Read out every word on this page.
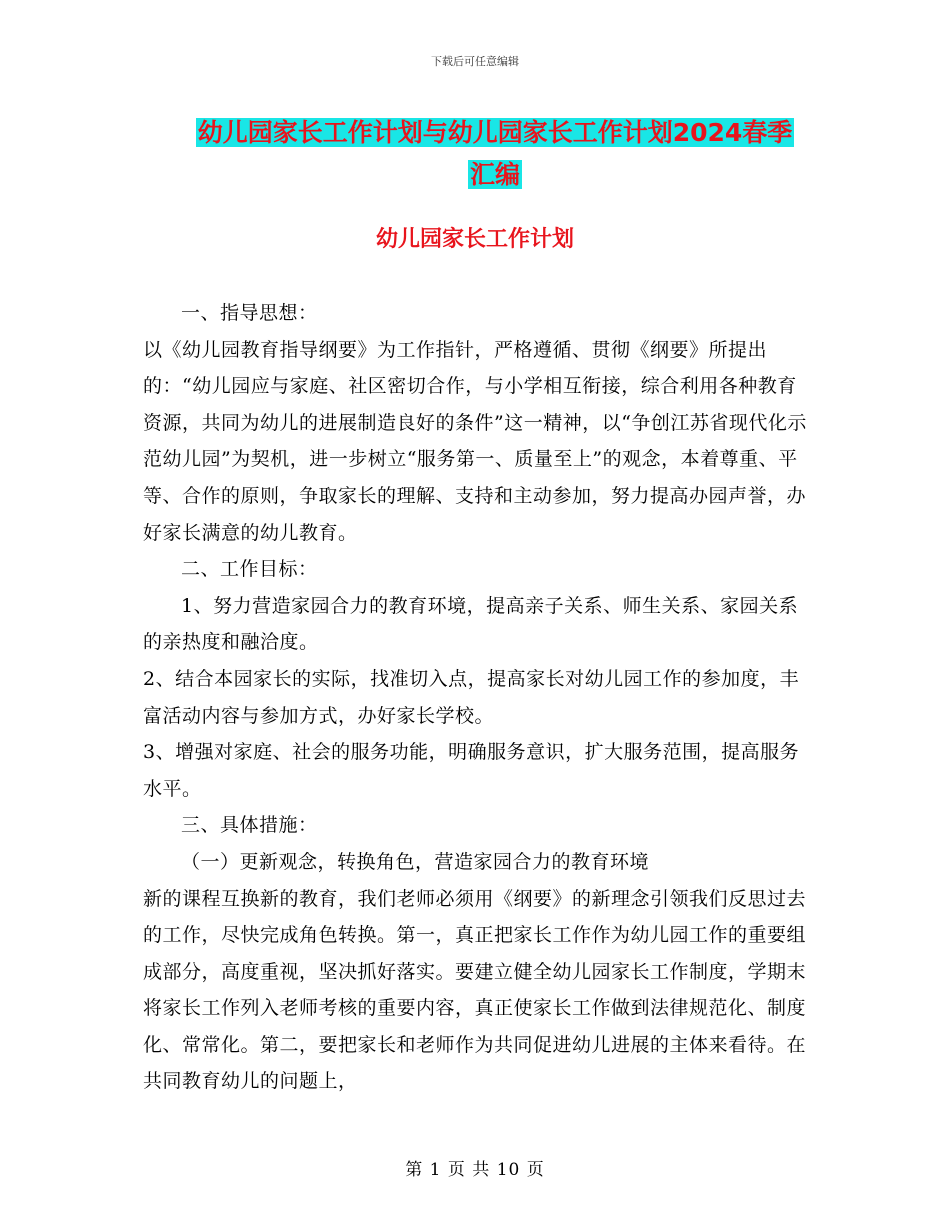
下载后可任意编辑
幼儿园家长工作计划与幼儿园家长工作计划2024春季
汇编
幼儿园家长工作计划

一、指导思想：

以《幼儿园教育指导纲要》为工作指针，严格遵循、贯彻《纲要》所提出的：“幼儿园应与家庭、社区密切合作，与小学相互衔接，综合利用各种教育资源，共同为幼儿的进展制造良好的条件”这一精神，以“争创江苏省现代化示范幼儿园”为契机，进一步树立“服务第一、质量至上”的观念，本着尊重、平等、合作的原则，争取家长的理解、支持和主动参加，努力提高办园声誉，办好家长满意的幼儿教育。

二、工作目标：

1、努力营造家园合力的教育环境，提高亲子关系、师生关系、家园关系的亲热度和融洽度。

2、结合本园家长的实际，找准切入点，提高家长对幼儿园工作的参加度，丰富活动内容与参加方式，办好家长学校。

3、增强对家庭、社会的服务功能，明确服务意识，扩大服务范围，提高服务水平。

三、具体措施：

（一）更新观念，转换角色，营造家园合力的教育环境

新的课程互换新的教育，我们老师必须用《纲要》的新理念引领我们反思过去的工作，尽快完成角色转换。第一，真正把家长工作作为幼儿园工作的重要组成部分，高度重视，坚决抓好落实。要建立健全幼儿园家长工作制度，学期末将家长工作列入老师考核的重要内容，真正使家长工作做到法律规范化、制度化、常常化。第二，要把家长和老师作为共同促进幼儿进展的主体来看待。在共同教育幼儿的问题上，

第 1 页 共 10 页
